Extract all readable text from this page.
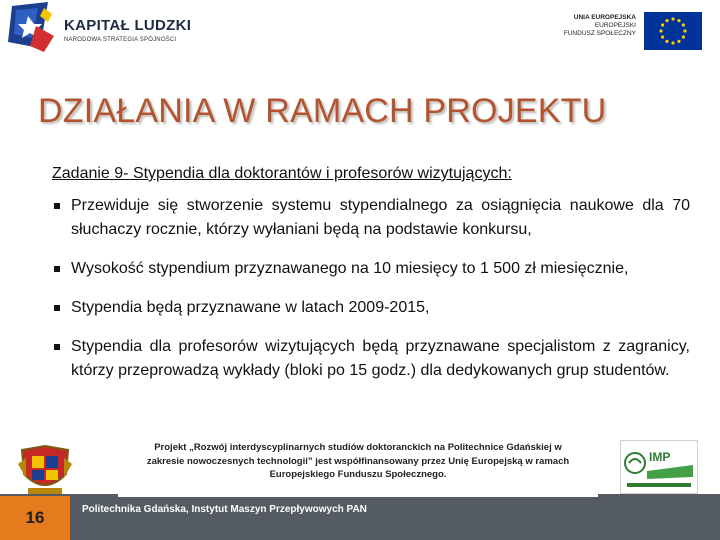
KAPITAŁ LUDZKI
NARODOWA STRATEGIA SPÓJNOŚCI
UNIA EUROPEJSKA
EUROPEJSKI
FUNDUSZ SPOŁECZNY
DZIAŁANIA W RAMACH PROJEKTU
Zadanie 9- Stypendia dla doktorantów i profesorów wizytujących:
Przewiduje się stworzenie systemu stypendialnego za osiągnięcia naukowe dla 70 słuchaczy rocznie, którzy wyłaniani będą na podstawie konkursu,
Wysokość stypendium przyznawanego na 10 miesięcy to 1 500 zł miesięcznie,
Stypendia będą przyznawane w latach 2009-2015,
Stypendia dla profesorów wizytujących będą przyznawane specjalistom z zagranicy, którzy przeprowadzą wykłady (bloki po 15 godz.) dla dedykowanych grup studentów.
16	Politechnika Gdańska, Instytut Maszyn Przepływowych PAN
Projekt „Rozwój interdyscyplinarnych studiów doktoranckich na Politechnice Gdańskiej w
zakresie nowoczesnych technologii” jest współfinansowany przez Unię Europejską w ramach
Europejskiego Funduszu Społecznego.
IMP
